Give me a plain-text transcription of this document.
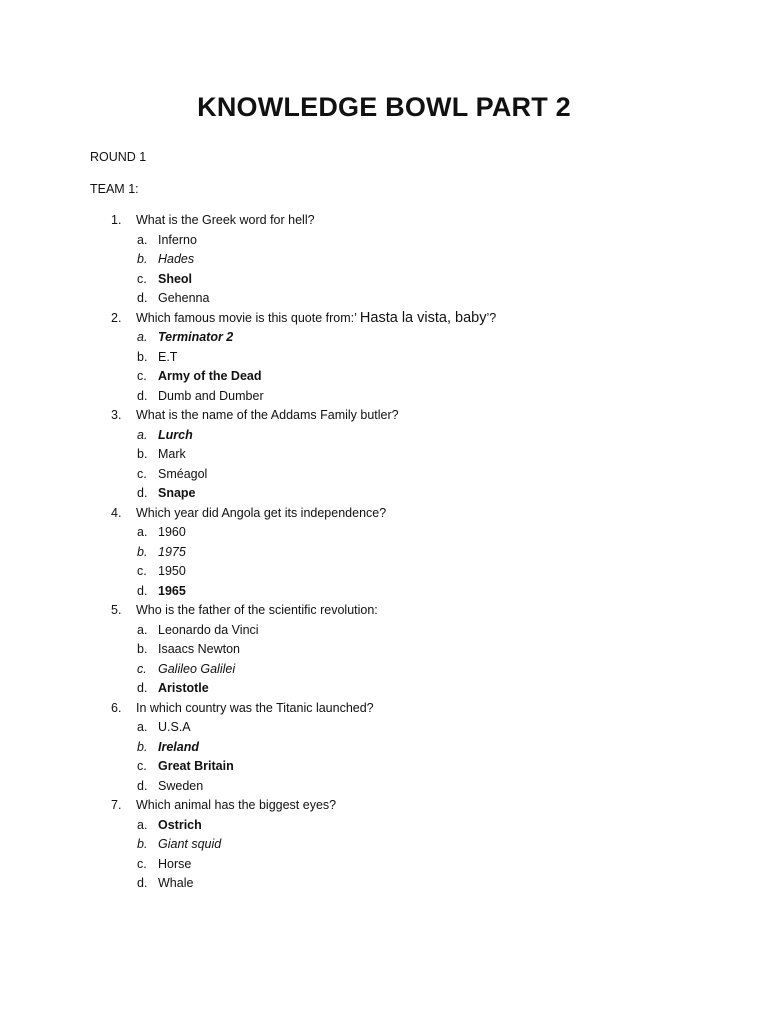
KNOWLEDGE BOWL PART 2
ROUND 1
TEAM 1:
1. What is the Greek word for hell?
a. Inferno
b. Hades
c. Sheol
d. Gehenna
2. Which famous movie is this quote from:’ Hasta la vista, baby’?
a. Terminator 2
b. E.T
c. Army of the Dead
d. Dumb and Dumber
3. What is the name of the Addams Family butler?
a. Lurch
b. Mark
c. Sméagol
d. Snape
4. Which year did Angola get its independence?
a. 1960
b. 1975
c. 1950
d. 1965
5. Who is the father of the scientific revolution:
a. Leonardo da Vinci
b. Isaacs Newton
c. Galileo Galilei
d. Aristotle
6. In which country was the Titanic launched?
a. U.S.A
b. Ireland
c. Great Britain
d. Sweden
7. Which animal has the biggest eyes?
a. Ostrich
b. Giant squid
c. Horse
d. Whale
